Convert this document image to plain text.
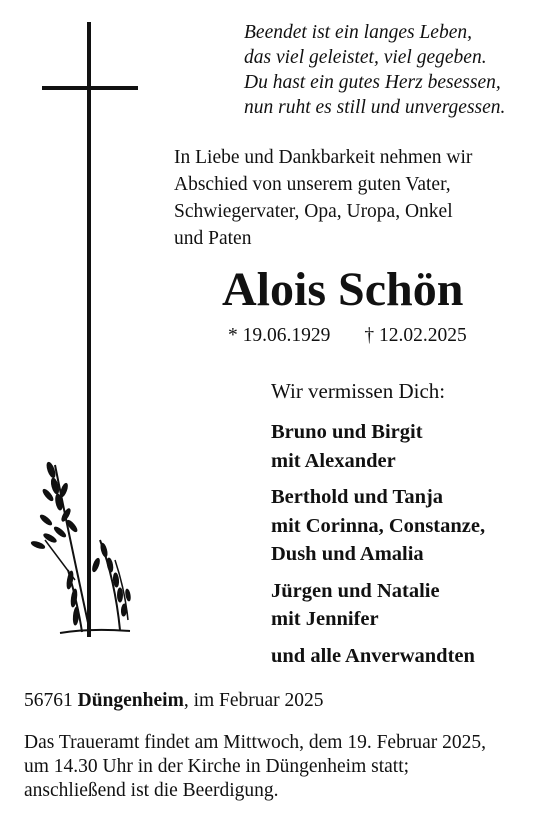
Beendet ist ein langes Leben,
das viel geleistet, viel gegeben.
Du hast ein gutes Herz besessen,
nun ruht es still und unvergessen.
In Liebe und Dankbarkeit nehmen wir
Abschied von unserem guten Vater,
Schwiegervater, Opa, Uropa, Onkel
und Paten
Alois Schön
* 19.06.1929 † 12.02.2025
Wir vermissen Dich:
Bruno und Birgit
mit Alexander
Berthold und Tanja
mit Corinna, Constanze,
Dush und Amalia
Jürgen und Natalie
mit Jennifer
und alle Anverwandten
56761 Düngenheim, im Februar 2025
Das Traueramt findet am Mittwoch, dem 19. Februar 2025,
um 14.30 Uhr in der Kirche in Düngenheim statt;
anschließend ist die Beerdigung.
